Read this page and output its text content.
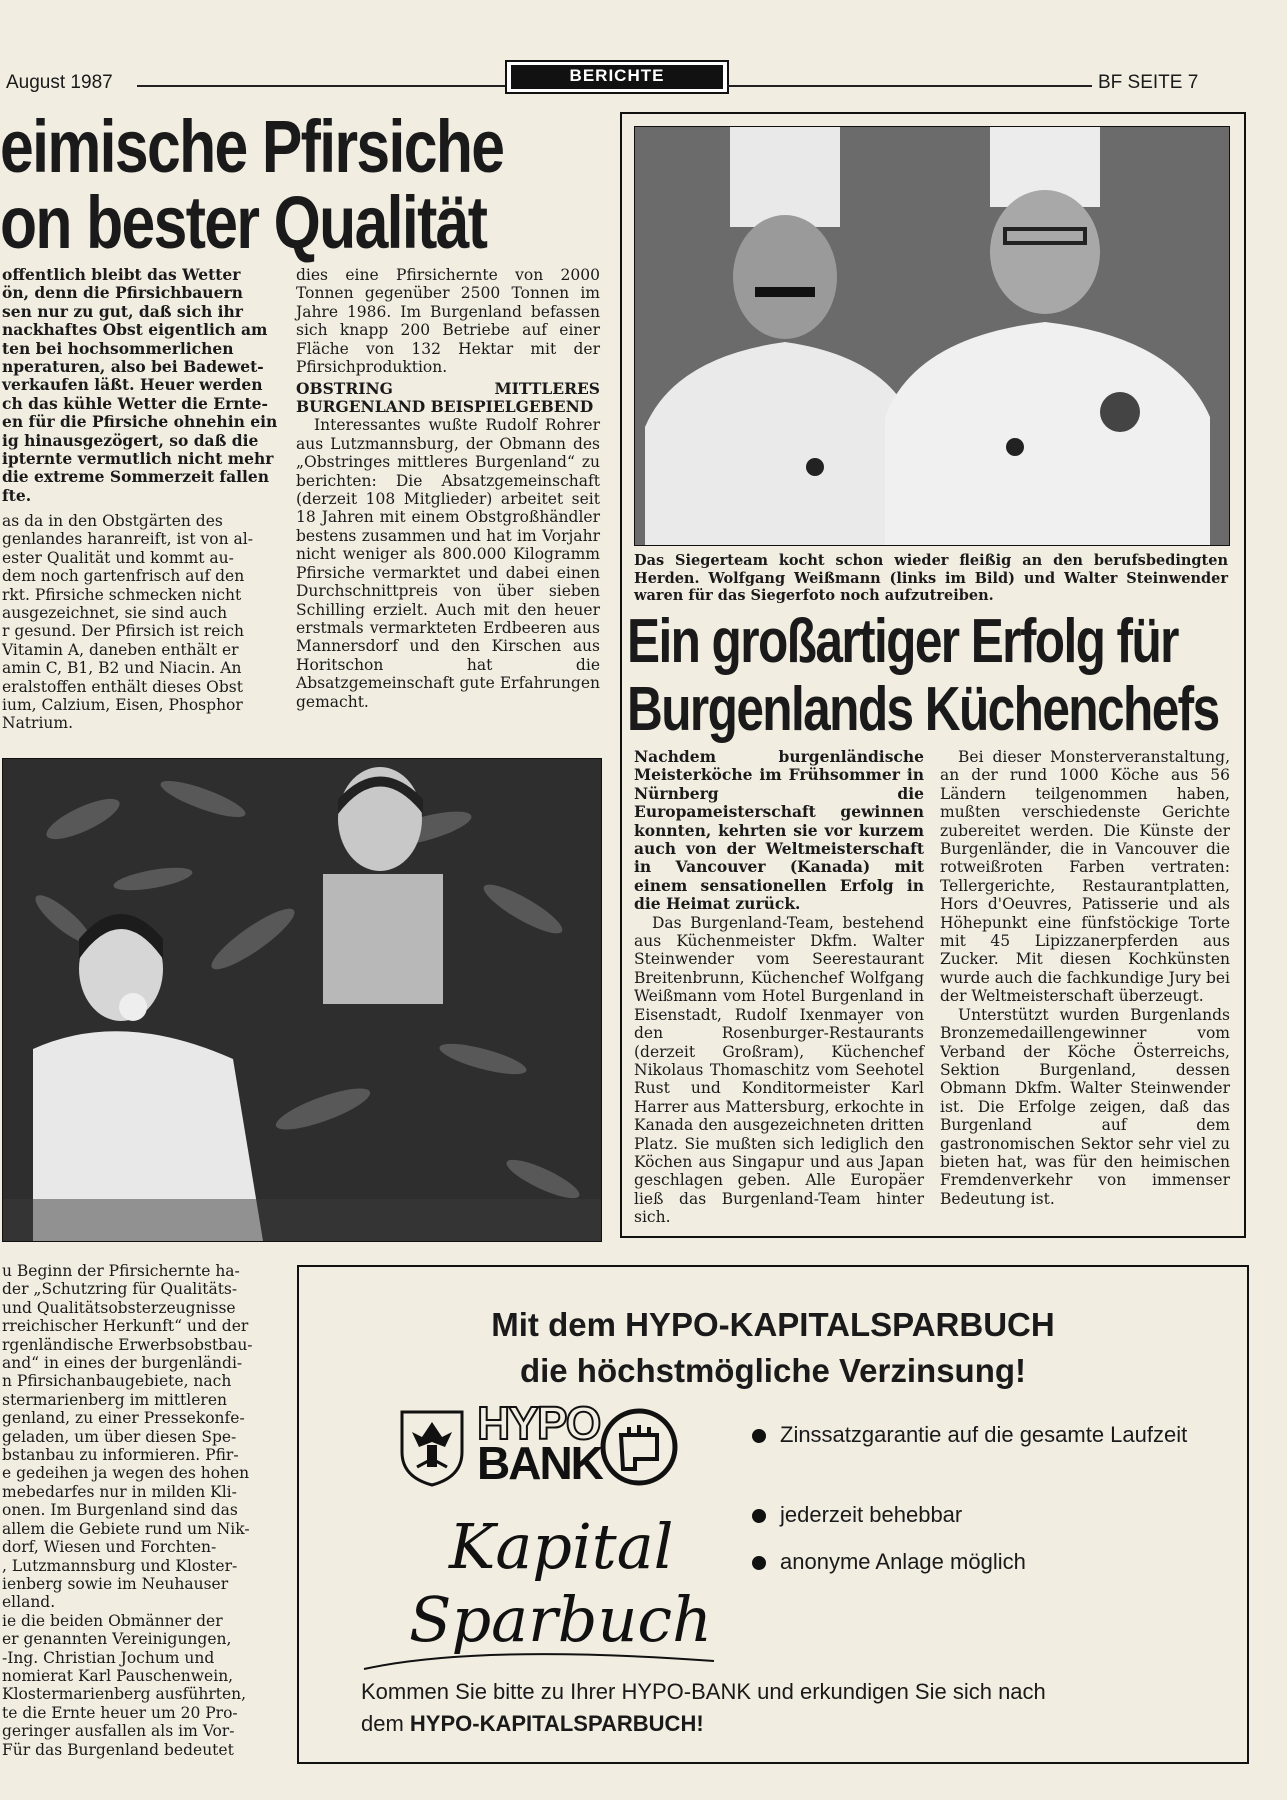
August 1987	BERICHTE	BF SEITE 7
eimische Pfirsiche
on bester Qualität
offentlich bleibt das Wetter
ön, denn die Pfirsichbauern
sen nur zu gut, daß sich ihr
nackhaftes Obst eigentlich am
ten bei hochsommerlichen
nperaturen, also bei Badewet-
verkaufen läßt. Heuer werden
ch das kühle Wetter die Ernte-
en für die Pfirsiche ohnehin ein
ig hinausgezögert, so daß die
ipternte vermutlich nicht mehr
die extreme Sommerzeit fallen
fte.
as da in den Obstgärten des
genlandes haranreift, ist von al-
ester Qualität und kommt au-
dem noch gartenfrisch auf den
rkt. Pfirsiche schmecken nicht
ausgezeichnet, sie sind auch
r gesund. Der Pfirsich ist reich
Vitamin A, daneben enthält er
amin C, B1, B2 und Niacin. An
eralstoffen enthält dieses Obst
ium, Calzium, Eisen, Phosphor
Natrium.

dies eine Pfirsichernte von 2000 Tonnen gegenüber 2500 Tonnen im Jahre 1986. Im Burgenland befassen sich knapp 200 Betriebe auf einer Fläche von 132 Hektar mit der Pfirsichproduktion.

OBSTRING MITTLERES BURGENLAND BEISPIELGEBEND

Interessantes wußte Rudolf Rohrer aus Lutzmannsburg, der Obmann des „Obstringes mittleres Burgenland“ zu berichten: Die Absatzgemeinschaft (derzeit 108 Mitglieder) arbeitet seit 18 Jahren mit einem Obstgroßhändler bestens zusammen und hat im Vorjahr nicht weniger als 800.000 Kilogramm Pfirsiche vermarktet und dabei einen Durchschnittpreis von über sieben Schilling erzielt. Auch mit den heuer erstmals vermarkteten Erdbeeren aus Mannersdorf und den Kirschen aus Horitschon hat die Absatzgemeinschaft gute Erfahrungen gemacht.

u Beginn der Pfirsichernte ha-
der „Schutzring für Qualitäts-
und Qualitätsobsterzeugnisse
rreichischer Herkunft“ und der
rgenländische Erwerbsobstbau-
and“ in eines der burgenländi-
n Pfirsichanbaugebiete, nach
stermarienberg im mittleren
genland, zu einer Pressekonfe-
geladen, um über diesen Spe-
bstanbau zu informieren. Pfir-
e gedeihen ja wegen des hohen
mebedarfes nur in milden Kli-
onen. Im Burgenland sind das
allem die Gebiete rund um Nik-
dorf, Wiesen und Forchten-
, Lutzmannsburg und Kloster-
ienberg sowie im Neuhauser
elland.
ie die beiden Obmänner der
er genannten Vereinigungen,
-Ing. Christian Jochum und
nomierat Karl Pauschenwein,
Klostermarienberg ausführten,
te die Ernte heuer um 20 Pro-
geringer ausfallen als im Vor-
Für das Burgenland bedeutet
Das Siegerteam kocht schon wieder fleißig an den berufsbedingten Herden. Wolfgang Weißmann (links im Bild) und Walter Steinwender waren für das Siegerfoto noch aufzutreiben.
Ein großartiger Erfolg für
Burgenlands Küchenchefs

Nachdem burgenländische Meisterköche im Frühsommer in Nürnberg die Europameisterschaft gewinnen konnten, kehrten sie vor kurzem auch von der Weltmeisterschaft in Vancouver (Kanada) mit einem sensationellen Erfolg in die Heimat zurück.

Das Burgenland-Team, bestehend aus Küchenmeister Dkfm. Walter Steinwender vom Seerestaurant Breitenbrunn, Küchenchef Wolfgang Weißmann vom Hotel Burgenland in Eisenstadt, Rudolf Ixenmayer von den Rosenburger-Restaurants (derzeit Großram), Küchenchef Nikolaus Thomaschitz vom Seehotel Rust und Konditormeister Karl Harrer aus Mattersburg, erkochte in Kanada den ausgezeichneten dritten Platz. Sie mußten sich lediglich den Köchen aus Singapur und aus Japan geschlagen geben. Alle Europäer ließ das Burgenland-Team hinter sich.

Bei dieser Monsterveranstaltung, an der rund 1000 Köche aus 56 Ländern teilgenommen haben, mußten verschiedenste Gerichte zubereitet werden. Die Künste der Burgenländer, die in Vancouver die rotweißroten Farben vertraten: Tellergerichte, Restaurantplatten, Hors d'Oeuvres, Patisserie und als Höhepunkt eine fünfstöckige Torte mit 45 Lipizzanerpferden aus Zucker. Mit diesen Kochkünsten wurde auch die fachkundige Jury bei der Weltmeisterschaft überzeugt.

Unterstützt wurden Burgenlands Bronzemedaillengewinner vom Verband der Köche Österreichs, Sektion Burgenland, dessen Obmann Dkfm. Walter Steinwender ist. Die Erfolge zeigen, daß das Burgenland auf dem gastronomischen Sektor sehr viel zu bieten hat, was für den heimischen Fremdenverkehr von immenser Bedeutung ist.

Mit dem HYPO-KAPITALSPARBUCH
die höchstmögliche Verzinsung!
HYPO
BANK
Zinssatzgarantie auf die gesamte Laufzeit
jederzeit behebbar
anonyme Anlage möglich
Kapital
Sparbuch
Kommen Sie bitte zu Ihrer HYPO-BANK und erkundigen Sie sich nach
dem HYPO-KAPITALSPARBUCH!
